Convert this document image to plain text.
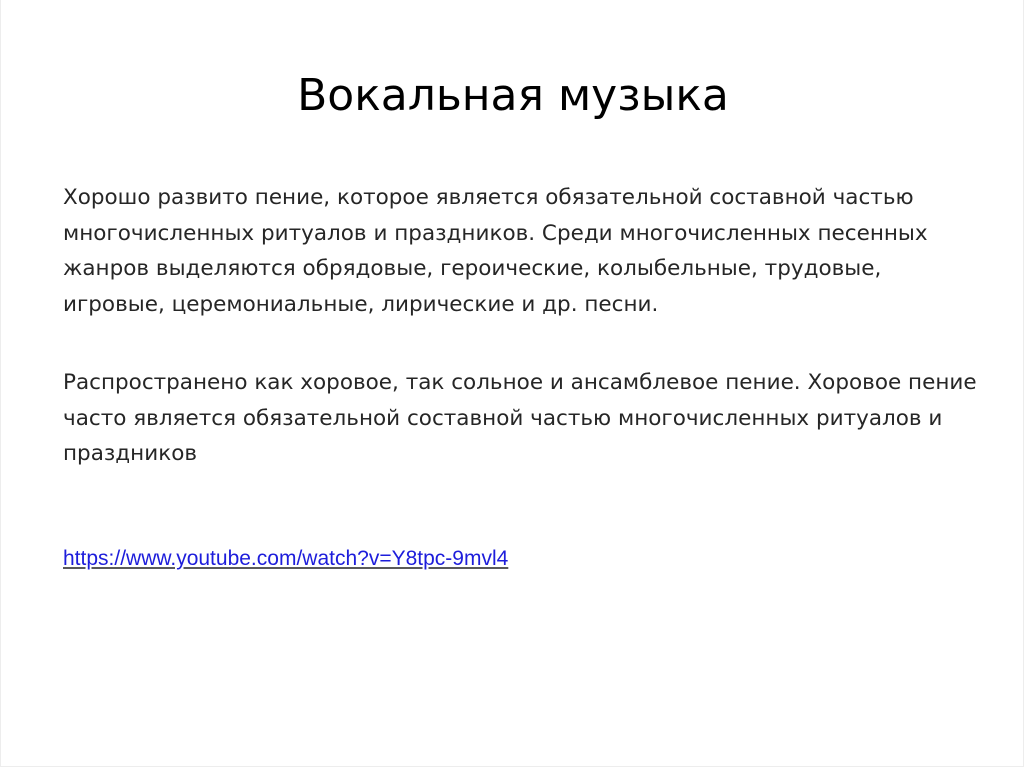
Вокальная музыка

Хорошо развито пение, которое является обязательной составной частью многочисленных ритуалов и праздников. Среди многочисленных песенных жанров выделяются обрядовые, героические, колыбельные, трудовые, игровые, церемониальные, лирические и др. песни.

Распространено как хоровое, так сольное и ансамблевое пение. Хоровое пение часто является обязательной составной частью многочисленных ритуалов и праздников

https://www.youtube.com/watch?v=Y8tpc-9mvl4
